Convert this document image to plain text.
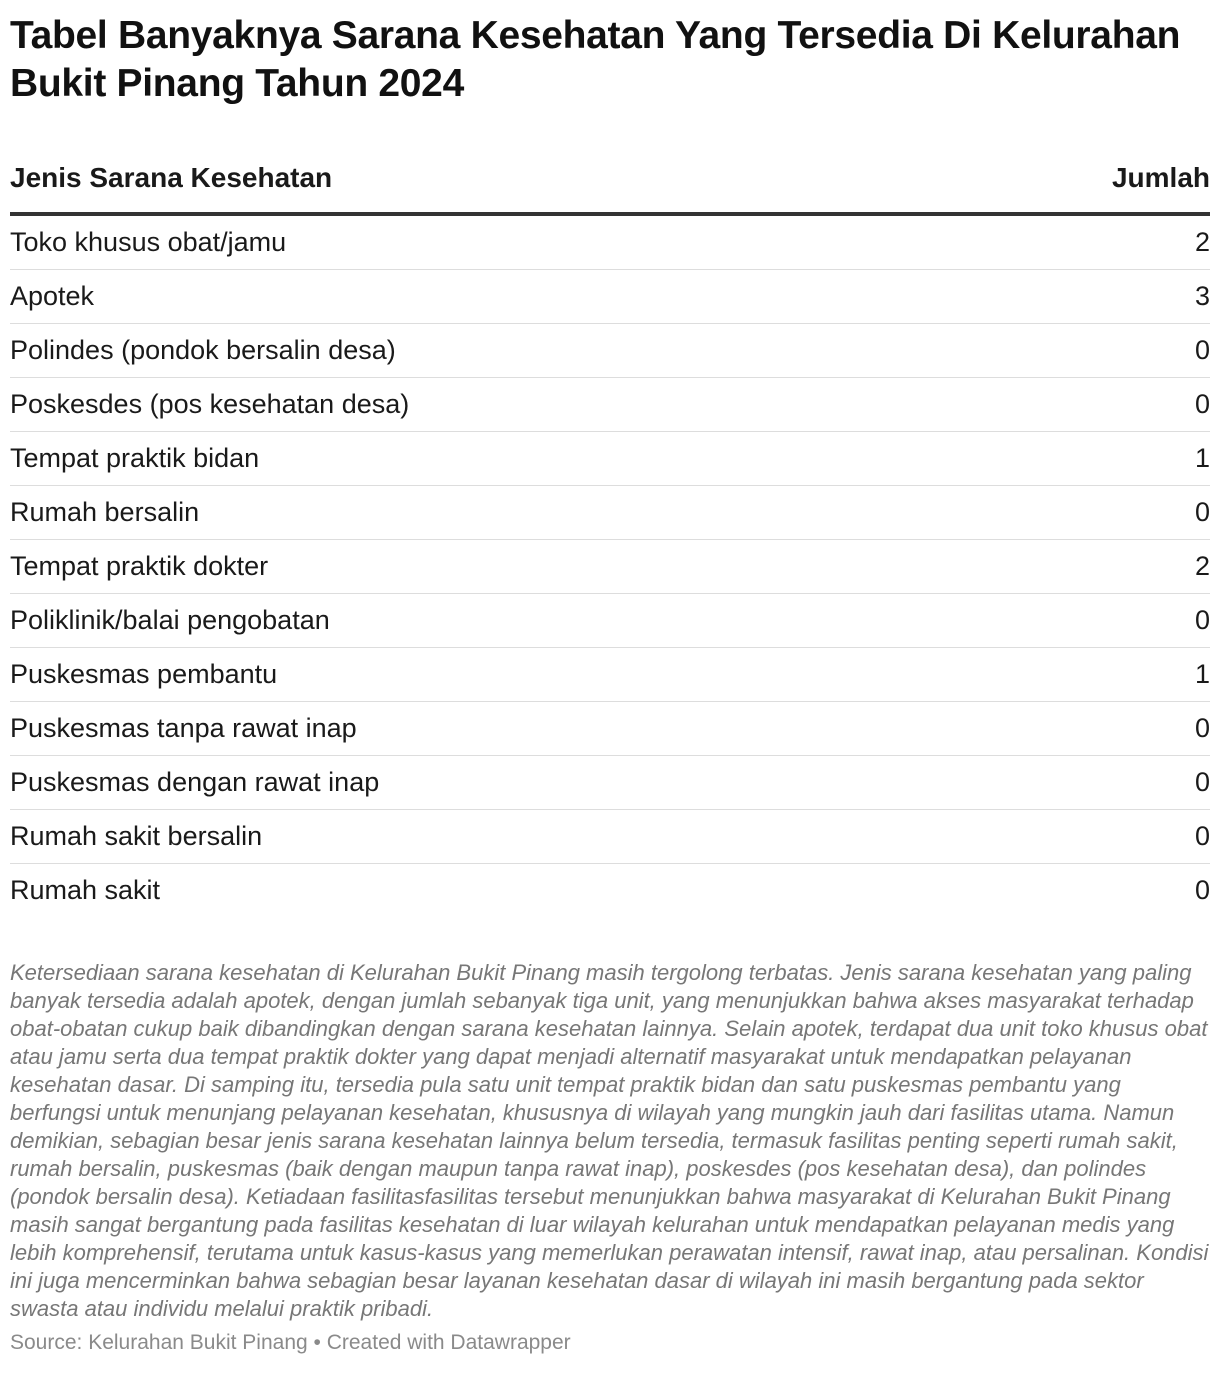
Tabel Banyaknya Sarana Kesehatan Yang Tersedia Di Kelurahan Bukit Pinang Tahun 2024
Jenis Sarana Kesehatan	Jumlah
Toko khusus obat/jamu	2
Apotek	3
Polindes (pondok bersalin desa)	0
Poskesdes (pos kesehatan desa)	0
Tempat praktik bidan	1
Rumah bersalin	0
Tempat praktik dokter	2
Poliklinik/balai pengobatan	0
Puskesmas pembantu	1
Puskesmas tanpa rawat inap	0
Puskesmas dengan rawat inap	0
Rumah sakit bersalin	0
Rumah sakit	0
Ketersediaan sarana kesehatan di Kelurahan Bukit Pinang masih tergolong terbatas. Jenis sarana kesehatan yang paling banyak tersedia adalah apotek, dengan jumlah sebanyak tiga unit, yang menunjukkan bahwa akses masyarakat terhadap obat-obatan cukup baik dibandingkan dengan sarana kesehatan lainnya. Selain apotek, terdapat dua unit toko khusus obat atau jamu serta dua tempat praktik dokter yang dapat menjadi alternatif masyarakat untuk mendapatkan pelayanan kesehatan dasar. Di samping itu, tersedia pula satu unit tempat praktik bidan dan satu puskesmas pembantu yang berfungsi untuk menunjang pelayanan kesehatan, khususnya di wilayah yang mungkin jauh dari fasilitas utama. Namun demikian, sebagian besar jenis sarana kesehatan lainnya belum tersedia, termasuk fasilitas penting seperti rumah sakit, rumah bersalin, puskesmas (baik dengan maupun tanpa rawat inap), poskesdes (pos kesehatan desa), dan polindes (pondok bersalin desa). Ketiadaan fasilitasfasilitas tersebut menunjukkan bahwa masyarakat di Kelurahan Bukit Pinang masih sangat bergantung pada fasilitas kesehatan di luar wilayah kelurahan untuk mendapatkan pelayanan medis yang lebih komprehensif, terutama untuk kasus-kasus yang memerlukan perawatan intensif, rawat inap, atau persalinan. Kondisi ini juga mencerminkan bahwa sebagian besar layanan kesehatan dasar di wilayah ini masih bergantung pada sektor swasta atau individu melalui praktik pribadi.
Source: Kelurahan Bukit Pinang • Created with Datawrapper
